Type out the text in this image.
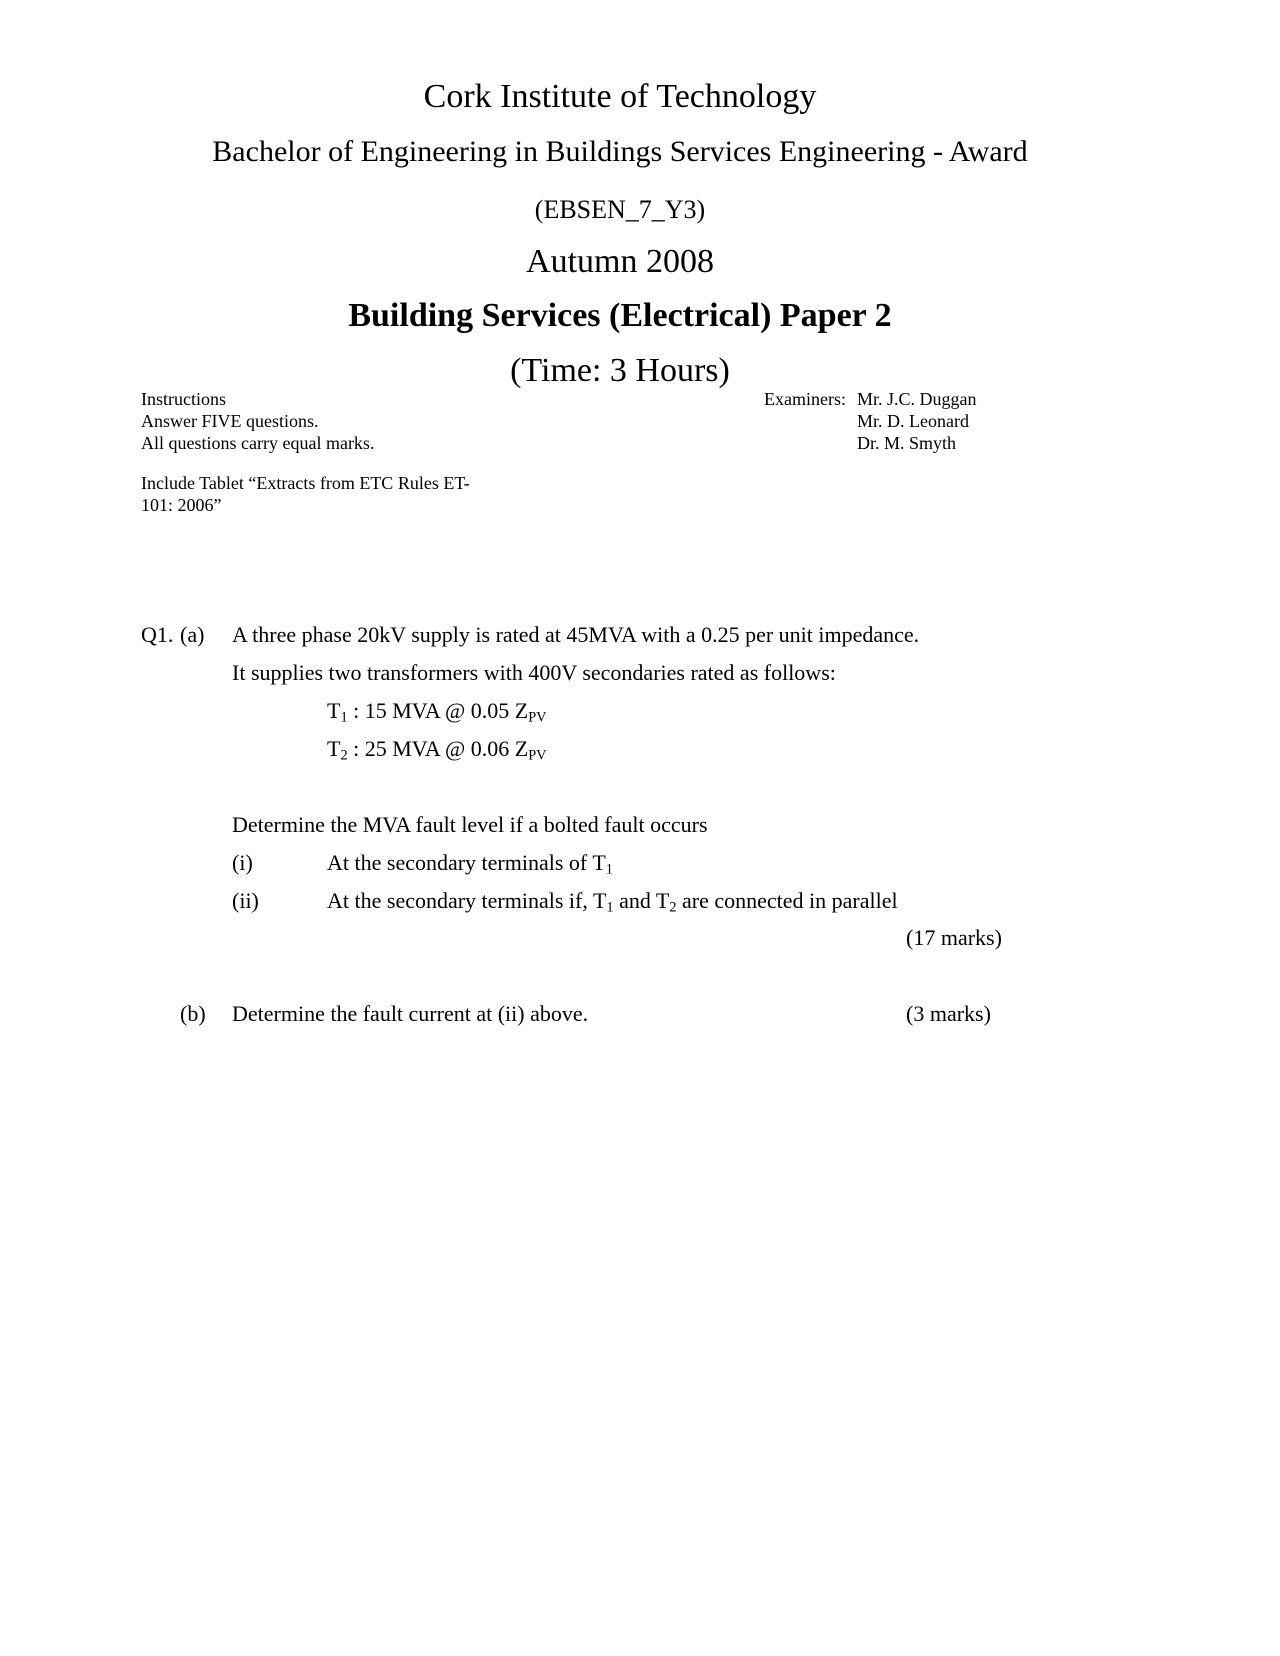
Cork Institute of Technology
Bachelor of Engineering in Buildings Services Engineering - Award
(EBSEN_7_Y3)
Autumn 2008
Building Services (Electrical) Paper 2
(Time: 3 Hours)
Instructions
Answer FIVE questions.
All questions carry equal marks.
Include Tablet “Extracts from ETC Rules ET-
101: 2006”
Examiners: Mr. J.C. Duggan
Mr. D. Leonard
Dr. M. Smyth
Q1. (a) A three phase 20kV supply is rated at 45MVA with a 0.25 per unit impedance.
It supplies two transformers with 400V secondaries rated as follows:
$T_1$ : 15 MVA @ 0.05 $Z_{PV}$
$T_2$ : 25 MVA @ 0.06 $Z_{PV}$
Determine the MVA fault level if a bolted fault occurs
(i)	At the secondary terminals of $T_1$
(ii)	At the secondary terminals if, $T_1$ and $T_2$ are connected in parallel
(17 marks)
(b) Determine the fault current at (ii) above.	(3 marks)
